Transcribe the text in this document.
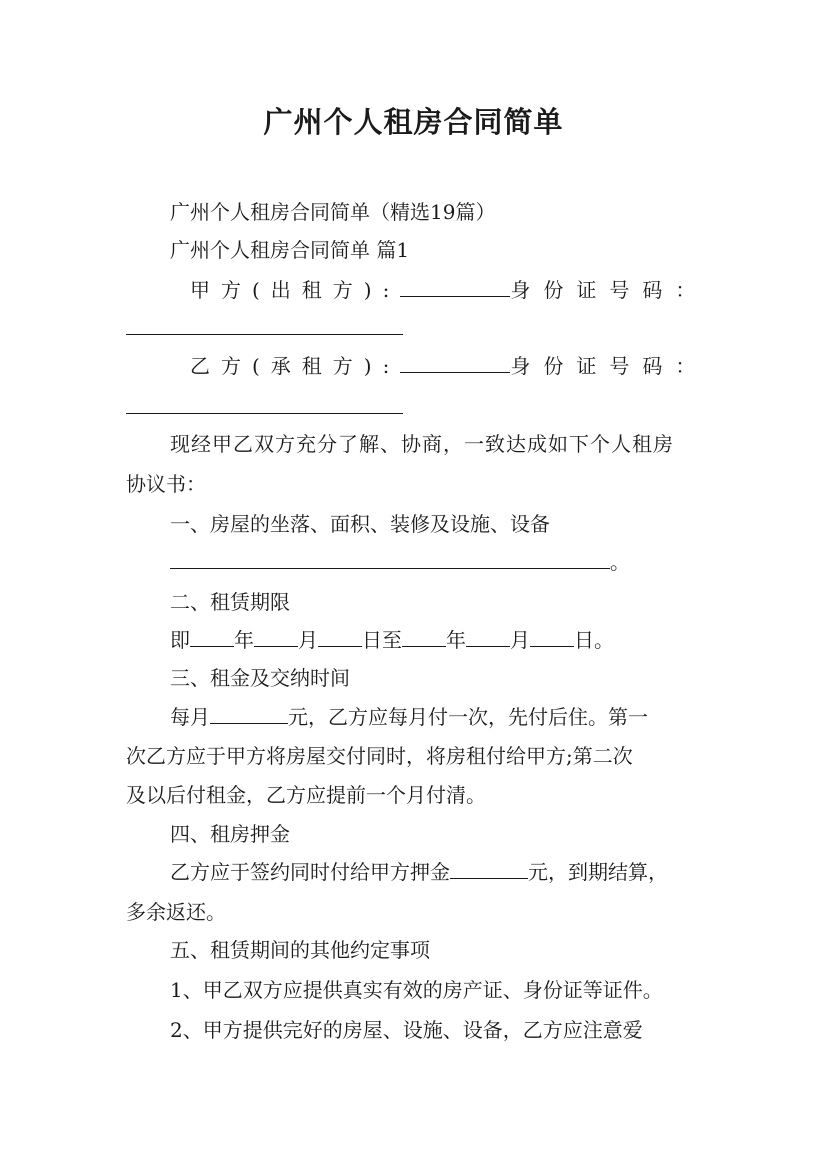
广州个人租房合同简单
广州个人租房合同简单（精选19篇）
广州个人租房合同简单 篇1
甲方(出租方):	身份证号码：
乙方(承租方):	身份证号码：
现经甲乙双方充分了解、协商，一致达成如下个人租房
协议书：
一、房屋的坐落、面积、装修及设施、设备
。
二、租赁期限
即 年 月 日至 年 月 日。
三、租金及交纳时间
每月	元，乙方应每月付一次，先付后住。第一
次乙方应于甲方将房屋交付同时，将房租付给甲方;第二次
及以后付租金，乙方应提前一个月付清。
四、租房押金
乙方应于签约同时付给甲方押金	元，到期结算，
多余返还。
五、租赁期间的其他约定事项
1、甲乙双方应提供真实有效的房产证、身份证等证件。
2、甲方提供完好的房屋、设施、设备，乙方应注意爱
